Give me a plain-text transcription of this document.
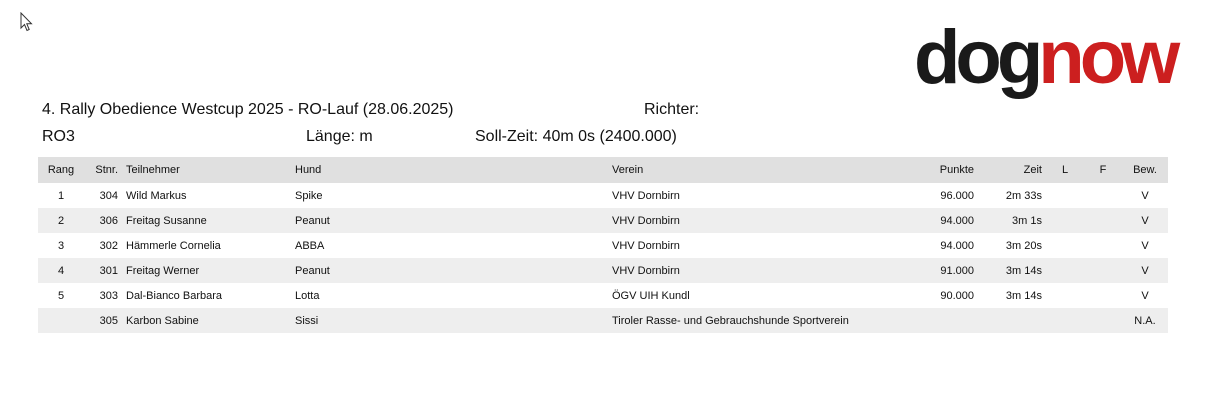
dognow
4. Rally Obedience Westcup 2025 - RO-Lauf (28.06.2025)	Richter:
RO3	Länge: m	Soll-Zeit: 40m 0s (2400.000)
Rang	Stnr.	Teilnehmer	Hund	Verein	Punkte	Zeit	L	F	Bew.
1	304	Wild Markus	Spike	VHV Dornbirn	96.000	2m 33s			V
2	306	Freitag Susanne	Peanut	VHV Dornbirn	94.000	3m 1s			V
3	302	Hämmerle Cornelia	ABBA	VHV Dornbirn	94.000	3m 20s			V
4	301	Freitag Werner	Peanut	VHV Dornbirn	91.000	3m 14s			V
5	303	Dal-Bianco Barbara	Lotta	ÖGV UIH Kundl	90.000	3m 14s			V
	305	Karbon Sabine	Sissi	Tiroler Rasse- und Gebrauchshunde Sportverein					N.A.
